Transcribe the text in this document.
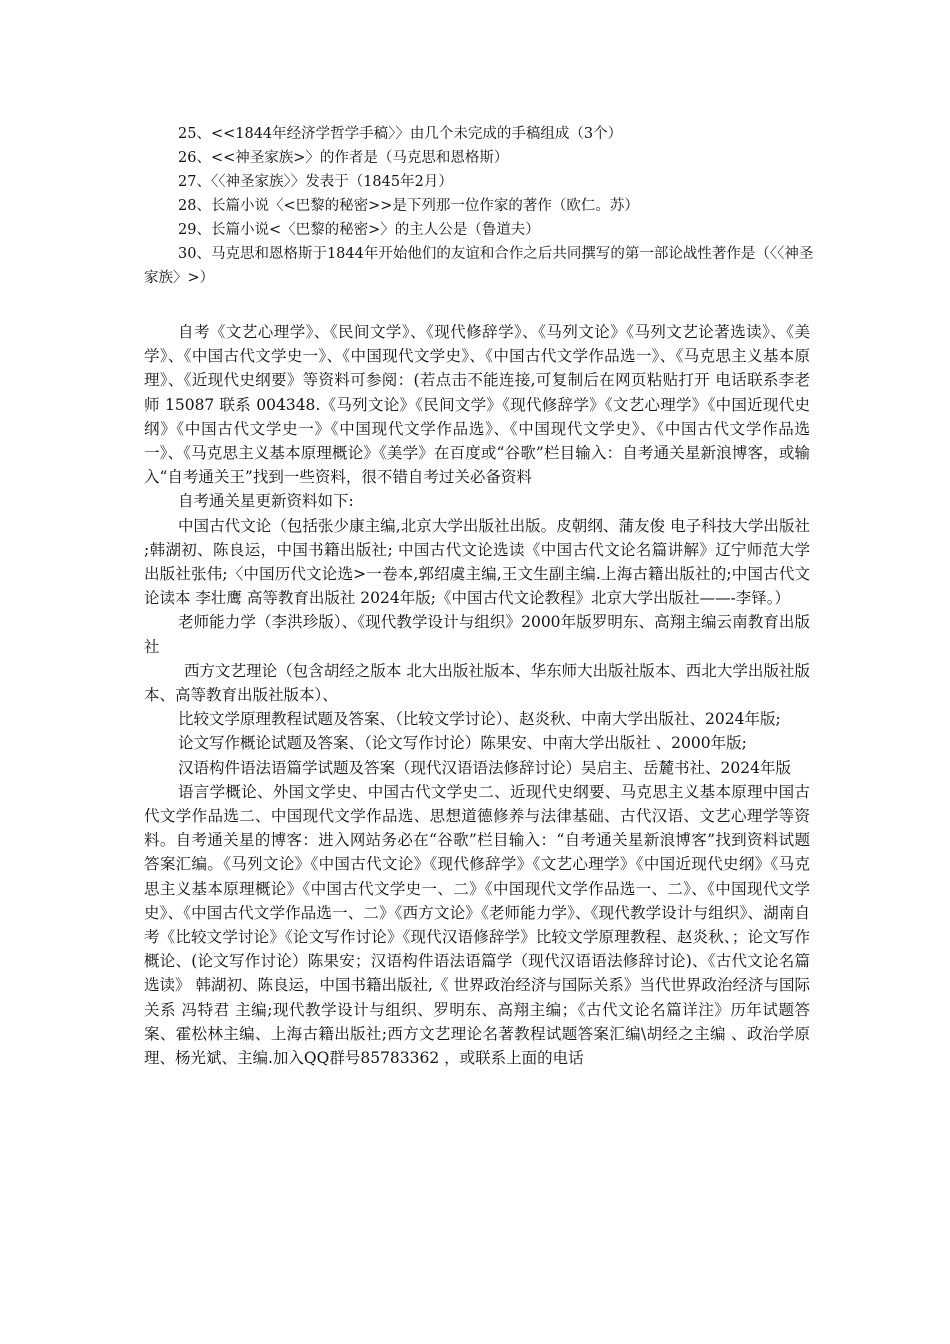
25、<<1844年经济学哲学手稿〉〉由几个未完成的手稿组成（3个）

26、<<神圣家族>〉的作者是（马克思和恩格斯）

27、〈〈神圣家族〉〉发表于（1845年2月）

28、长篇小说〈<巴黎的秘密>>是下列那一位作家的著作（欧仁。苏）

29、长篇小说<〈巴黎的秘密>〉的主人公是（鲁道夫）

30、马克思和恩格斯于1844年开始他们的友谊和合作之后共同撰写的第一部论战性著作是（〈〈神圣家族〉>）

自考《文艺心理学》、《民间文学》、《现代修辞学》、《马列文论》《马列文艺论著选读》、《美学》、《中国古代文学史一》、《中国现代文学史》、《中国古代文学作品选一》、《马克思主义基本原理》、《近现代史纲要》等资料可参阅：(若点击不能连接,可复制后在网页粘贴打开 电话联系李老师 15087 联系 004348.《马列文论》《民间文学》《现代修辞学》《文艺心理学》《中国近现代史纲》《中国古代文学史一》《中国现代文学作品选》、《中国现代文学史》、《中国古代文学作品选一》、《马克思主义基本原理概论》《美学》在百度或“谷歌”栏目输入：自考通关星新浪博客，或输入“自考通关王”找到一些资料，很不错自考过关必备资料

自考通关星更新资料如下:

中国古代文论（包括张少康主编,北京大学出版社出版。皮朝纲、蒲友俊 电子科技大学出版社 ;韩湖初、陈良运，中国书籍出版社; 中国古代文论选读《中国古代文论名篇讲解》辽宁师范大学出版社张伟;〈中国历代文论选>一卷本,郭绍虞主编,王文生副主编.上海古籍出版社的;中国古代文论读本 李壮鹰 高等教育出版社 2024年版;《中国古代文论教程》北京大学出版社——-李铎。）

老师能力学（李洪珍版）、《现代教学设计与组织》2000年版罗明东、高翔主编云南教育出版社

西方文艺理论（包含胡经之版本 北大出版社版本、华东师大出版社版本、西北大学出版社版本、高等教育出版社版本）、

比较文学原理教程试题及答案、（比较文学讨论）、赵炎秋、中南大学出版社、2024年版;

论文写作概论试题及答案、（论文写作讨论）陈果安、中南大学出版社 、2000年版;

汉语构件语法语篇学试题及答案（现代汉语语法修辞讨论）吴启主、岳麓书社、2024年版

语言学概论、外国文学史、中国古代文学史二、近现代史纲要、马克思主义基本原理中国古代文学作品选二、中国现代文学作品选、思想道德修养与法律基础、古代汉语、文艺心理学等资料。自考通关星的博客：进入网站务必在“谷歌”栏目输入：“自考通关星新浪博客”找到资料试题答案汇编。《马列文论》《中国古代文论》《现代修辞学》《文艺心理学》《中国近现代史纲》《马克思主义基本原理概论》《中国古代文学史一、二》《中国现代文学作品选一、二》、《中国现代文学史》、《中国古代文学作品选一、二》《西方文论》《老师能力学》、《现代教学设计与组织》、湖南自考《比较文学讨论》《论文写作讨论》《现代汉语修辞学》比较文学原理教程、赵炎秋、；论文写作概论、(论文写作讨论）陈果安；汉语构件语法语篇学（现代汉语语法修辞讨论)、《古代文论名篇选读》 韩湖初、陈良运，中国书籍出版社,《 世界政治经济与国际关系》当代世界政治经济与国际关系 冯特君 主编;现代教学设计与组织、罗明东、高翔主编；《古代文论名篇详注》历年试题答案、霍松林主编、上海古籍出版社;西方文艺理论名著教程试题答案汇编\胡经之主编 、政治学原理、杨光斌、主编.加入QQ群号85783362 ，或联系上面的电话
